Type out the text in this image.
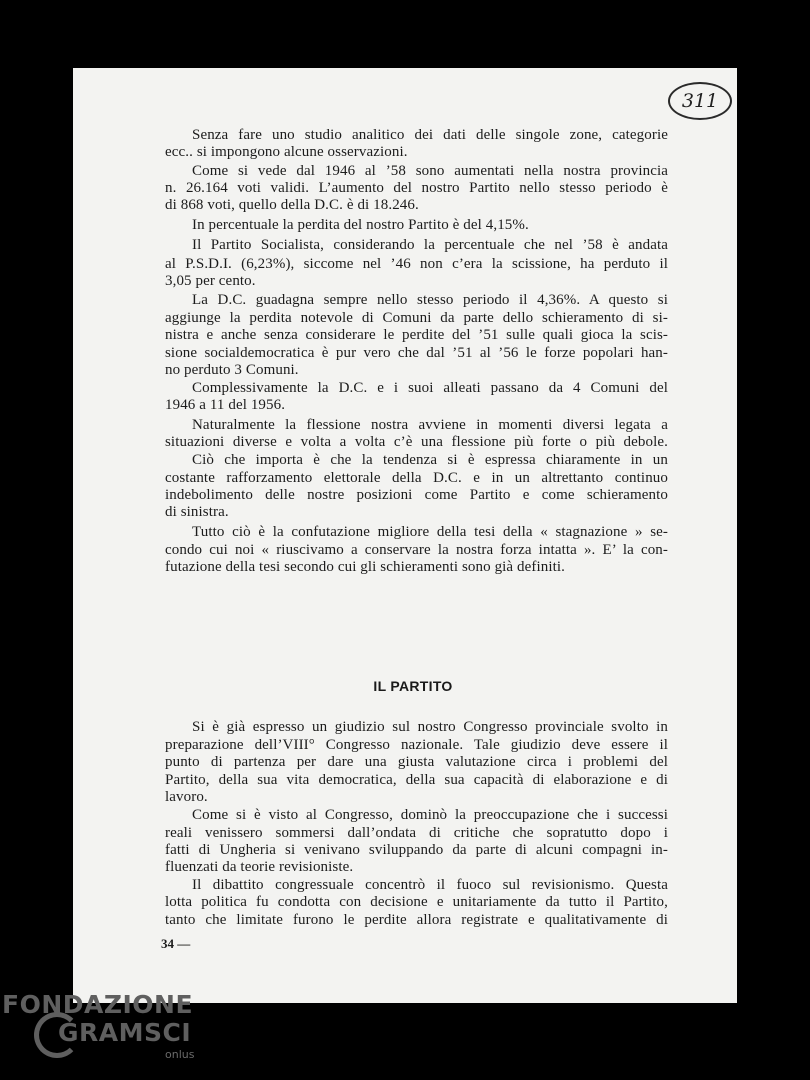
311
Senza fare uno studio analitico dei dati delle singole zone, categorie
ecc.. si impongono alcune osservazioni.
Come si vede dal 1946 al ’58 sono aumentati nella nostra provincia
n. 26.164 voti validi. L’aumento del nostro Partito nello stesso periodo è
di 868 voti, quello della D.C. è di 18.246.
In percentuale la perdita del nostro Partito è del 4,15%.
Il Partito Socialista, considerando la percentuale che nel ’58 è andata
al P.S.D.I. (6,23%), siccome nel ’46 non c’era la scissione, ha perduto il
3,05 per cento.
La D.C. guadagna sempre nello stesso periodo il 4,36%. A questo si
aggiunge la perdita notevole di Comuni da parte dello schieramento di si-
nistra e anche senza considerare le perdite del ’51 sulle quali gioca la scis-
sione socialdemocratica è pur vero che dal ’51 al ’56 le forze popolari han-
no perduto 3 Comuni.
Complessivamente la D.C. e i suoi alleati passano da 4 Comuni del
1946 a 11 del 1956.
Naturalmente la flessione nostra avviene in momenti diversi legata a
situazioni diverse e volta a volta c’è una flessione più forte o più debole.
Ciò che importa è che la tendenza si è espressa chiaramente in un
costante rafforzamento elettorale della D.C. e in un altrettanto continuo
indebolimento delle nostre posizioni come Partito e come schieramento
di sinistra.
Tutto ciò è la confutazione migliore della tesi della « stagnazione » se-
condo cui noi « riuscivamo a conservare la nostra forza intatta ». E’ la con-
futazione della tesi secondo cui gli schieramenti sono già definiti.
IL PARTITO
Si è già espresso un giudizio sul nostro Congresso provinciale svolto in
preparazione dell’VIII° Congresso nazionale. Tale giudizio deve essere il
punto di partenza per dare una giusta valutazione circa i problemi del
Partito, della sua vita democratica, della sua capacità di elaborazione e di
lavoro.
Come si è visto al Congresso, dominò la preoccupazione che i successi
reali venissero sommersi dall’ondata di critiche che sopratutto dopo i
fatti di Ungheria si venivano sviluppando da parte di alcuni compagni in-
fluenzati da teorie revisioniste.
Il dibattito congressuale concentrò il fuoco sul revisionismo. Questa
lotta politica fu condotta con decisione e unitariamente da tutto il Partito,
tanto che limitate furono le perdite allora registrate e qualitativamente di
34 —
FONDAZIONE
GRAMSCI
onlus
